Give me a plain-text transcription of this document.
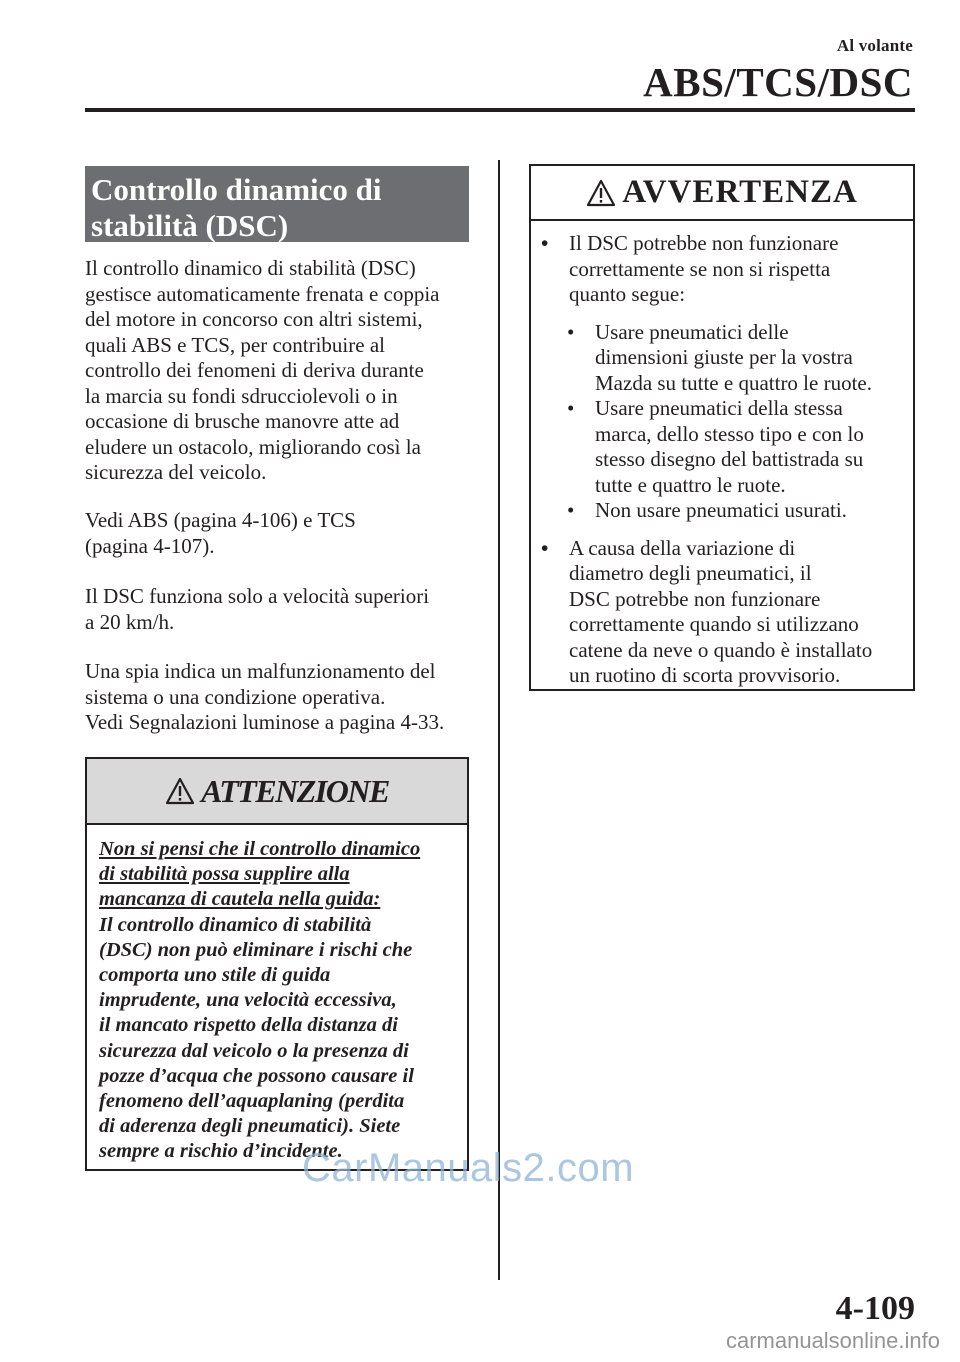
Al volante
ABS/TCS/DSC
Controllo dinamico di
stabilità (DSC)

Il controllo dinamico di stabilità (DSC)

gestisce automaticamente frenata e coppia

del motore in concorso con altri sistemi,

quali ABS e TCS, per contribuire al

controllo dei fenomeni di deriva durante

la marcia su fondi sdrucciolevoli o in

occasione di brusche manovre atte ad

eludere un ostacolo, migliorando così la

sicurezza del veicolo.

Vedi ABS (pagina 4-106) e TCS

(pagina 4-107).

Il DSC funziona solo a velocità superiori

a 20 km/h.

Una spia indica un malfunzionamento del

sistema o una condizione operativa.

Vedi Segnalazioni luminose a pagina 4-33.

ATTENZIONE
Non si pensi che il controllo dinamico
di stabilità possa supplire alla
mancanza di cautela nella guida:
Il controllo dinamico di stabilità
(DSC) non può eliminare i rischi che
comporta uno stile di guida
imprudente, una velocità eccessiva,
il mancato rispetto della distanza di
sicurezza dal veicolo o la presenza di
pozze d’acqua che possono causare il
fenomeno dell’aquaplaning (perdita
di aderenza degli pneumatici). Siete
sempre a rischio d’incidente.
AVVERTENZA
• Il DSC potrebbe non funzionare
correttamente se non si rispetta
quanto segue:
• Usare pneumatici delle
dimensioni giuste per la vostra
Mazda su tutte e quattro le ruote.
• Usare pneumatici della stessa
marca, dello stesso tipo e con lo
stesso disegno del battistrada su
tutte e quattro le ruote.
• Non usare pneumatici usurati.
• A causa della variazione di
diametro degli pneumatici, il
DSC potrebbe non funzionare
correttamente quando si utilizzano
catene da neve o quando è installato
un ruotino di scorta provvisorio.
CarManuals2.com
4-109
carmanualsonline.info
